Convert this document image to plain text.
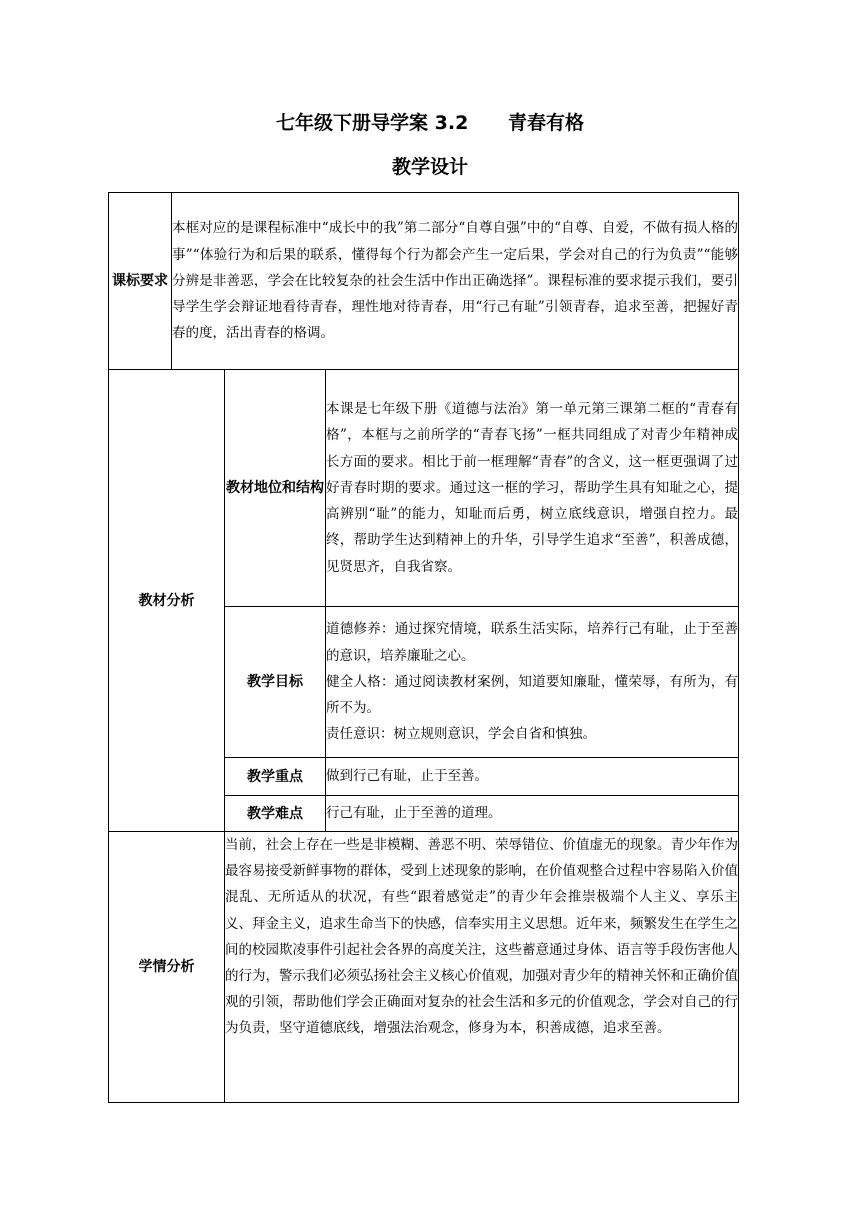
七年级下册导学案 3.2      青春有格
教学设计
课标要求	本框对应的是课程标准中“成长中的我”第二部分“自尊自强”中的“自尊、自爱，不做有损人格的事”“体验行为和后果的联系，懂得每个行为都会产生一定后果，学会对自己的行为负责”“能够分辨是非善恶，学会在比较复杂的社会生活中作出正确选择”。课程标准的要求提示我们，要引导学生学会辩证地看待青春，理性地对待青春，用“行己有耻”引领青春，追求至善，把握好青春的度，活出青春的格调。		

教材分析		教材地位和结构	本课是七年级下册《道德与法治》第一单元第三课第二框的“青春有格”，本框与之前所学的“青春飞扬”一框共同组成了对青少年精神成长方面的要求。相比于前一框理解“青春”的含义，这一框更强调了过好青春时期的要求。通过这一框的学习，帮助学生具有知耻之心，提高辨别“耻”的能力，知耻而后勇，树立底线意识，增强自控力。最终，帮助学生达到精神上的升华，引导学生追求“至善”，积善成德，见贤思齐，自我省察。

		教学目标	道德修养：通过探究情境，联系生活实际，培养行己有耻，止于至善的意识，培养廉耻之心。

健全人格：通过阅读教材案例，知道要知廉耻，懂荣辱，有所为，有所不为。

责任意识：树立规则意识，学会自省和慎独。

		教学重点	做到行己有耻，止于至善。

		教学难点	行己有耻，止于至善的道理。

学情分析		当前，社会上存在一些是非模糊、善恶不明、荣辱错位、价值虚无的现象。青少年作为最容易接受新鲜事物的群体，受到上述现象的影响，在价值观整合过程中容易陷入价值混乱、无所适从的状况，有些“跟着感觉走”的青少年会推崇极端个人主义、享乐主义、拜金主义，追求生命当下的快感，信奉实用主义思想。近年来，频繁发生在学生之间的校园欺凌事件引起社会各界的高度关注，这些蓄意通过身体、语言等手段伤害他人的行为，警示我们必须弘扬社会主义核心价值观，加强对青少年的精神关怀和正确价值观的引领，帮助他们学会正确面对复杂的社会生活和多元的价值观念，学会对自己的行为负责，坚守道德底线，增强法治观念，修身为本，积善成德，追求至善。	
